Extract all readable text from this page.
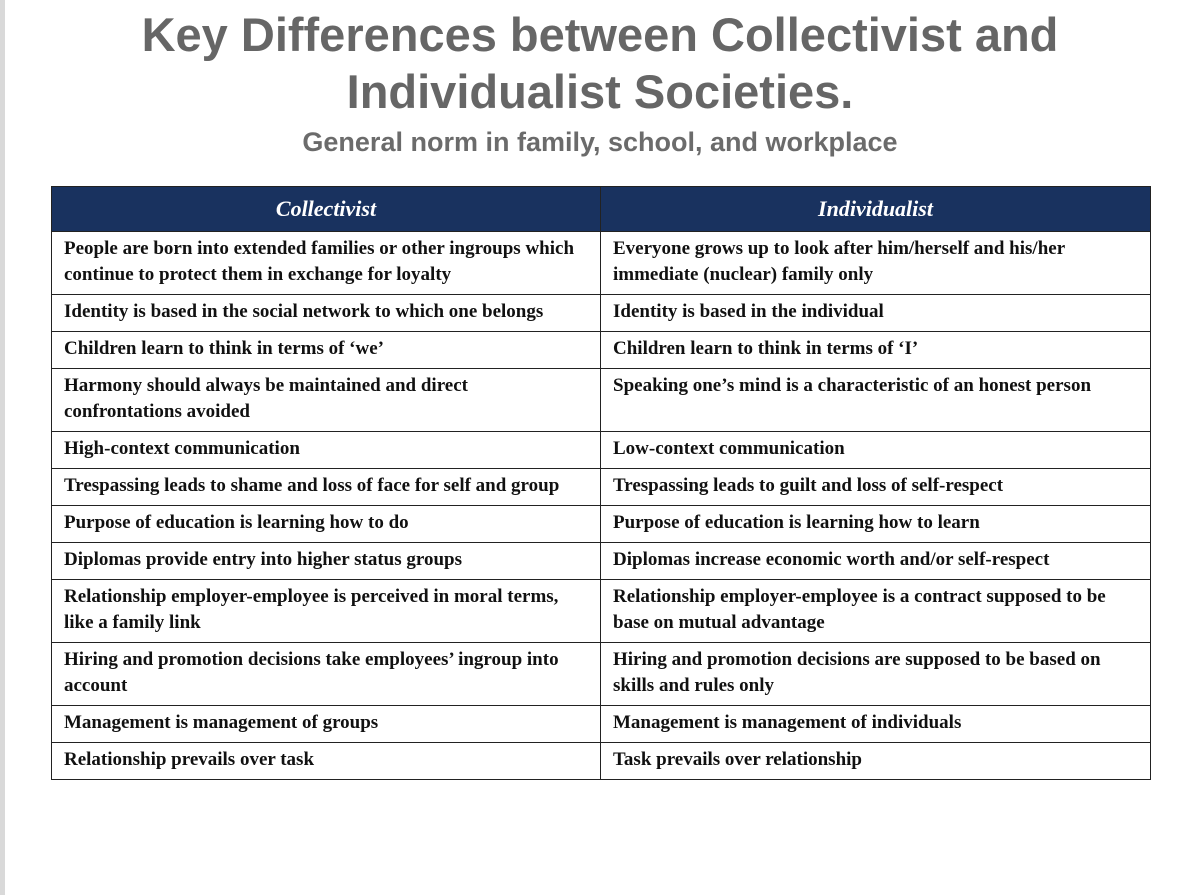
Key Differences between Collectivist and
Individualist Societies.
General norm in family, school, and workplace
Collectivist	Individualist
People are born into extended families or other ingroups which continue to protect them in exchange for loyalty	Everyone grows up to look after him/herself and his/her immediate (nuclear) family only
Identity is based in the social network to which one belongs	Identity is based in the individual
Children learn to think in terms of ‘we’	Children learn to think in terms of ‘I’
Harmony should always be maintained and direct confrontations avoided	Speaking one’s mind is a characteristic of an honest person
High-context communication	Low-context communication
Trespassing leads to shame and loss of face for self and group	Trespassing leads to guilt and loss of self-respect
Purpose of education is learning how to do	Purpose of education is learning how to learn
Diplomas provide entry into higher status groups	Diplomas increase economic worth and/or self-respect
Relationship employer-employee is perceived in moral terms, like a family link	Relationship employer-employee is a contract supposed to be base on mutual advantage
Hiring and promotion decisions take employees’ ingroup into account	Hiring and promotion decisions are supposed to be based on skills and rules only
Management is management of groups	Management is management of individuals
Relationship prevails over task	Task prevails over relationship
